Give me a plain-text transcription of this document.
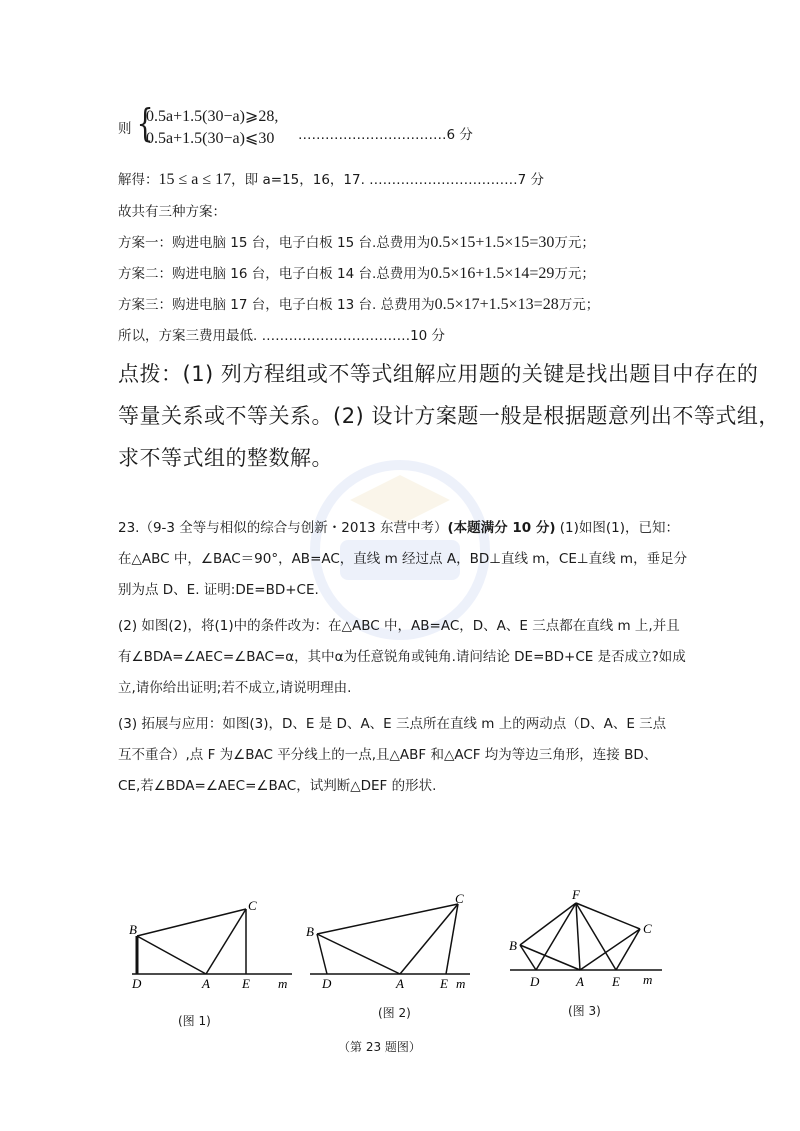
则 {
0.5a+1.5(30−a)⩾28,
0.5a+1.5(30−a)⩽30 ……………………………6 分
解得：15 ≤ a ≤ 17，即 a=15，16，17. ……………………………7 分
故共有三种方案：
方案一：购进电脑 15 台，电子白板 15 台.总费用为0.5×15+1.5×15=30万元；
方案二：购进电脑 16 台，电子白板 14 台.总费用为0.5×16+1.5×14=29万元；
方案三：购进电脑 17 台，电子白板 13 台. 总费用为0.5×17+1.5×13=28万元；
所以，方案三费用最低. ……………………………10 分
点拨：(1) 列方程组或不等式组解应用题的关键是找出题目中存在的
等量关系或不等关系。(2) 设计方案题一般是根据题意列出不等式组，
求不等式组的整数解。
23.（9-3 全等与相似的综合与创新・2013 东营中考）(本题满分 10 分) (1)如图(1)，已知：
在△ABC 中，∠BAC＝90°，AB=AC，直线 m 经过点 A，BD⊥直线 m，CE⊥直线 m，垂足分
别为点 D、E. 证明:DE=BD+CE.
(2) 如图(2)，将(1)中的条件改为：在△ABC 中，AB=AC，D、A、E 三点都在直线 m 上,并且
有∠BDA=∠AEC=∠BAC=α，其中α为任意锐角或钝角.请问结论 DE=BD+CE 是否成立?如成
立,请你给出证明;若不成立,请说明理由.
(3) 拓展与应用：如图(3)，D、E 是 D、A、E 三点所在直线 m 上的两动点（D、A、E 三点
互不重合）,点 F 为∠BAC 平分线上的一点,且△ABF 和△ACF 均为等边三角形，连接 BD、
CE,若∠BDA=∠AEC=∠BAC，试判断△DEF 的形状.
B
C
D	A E m
(图 1)
B
C
D	A	E m
(图 2)
F
B
C
D	A E m
(图 3)
（第 23 题图）
